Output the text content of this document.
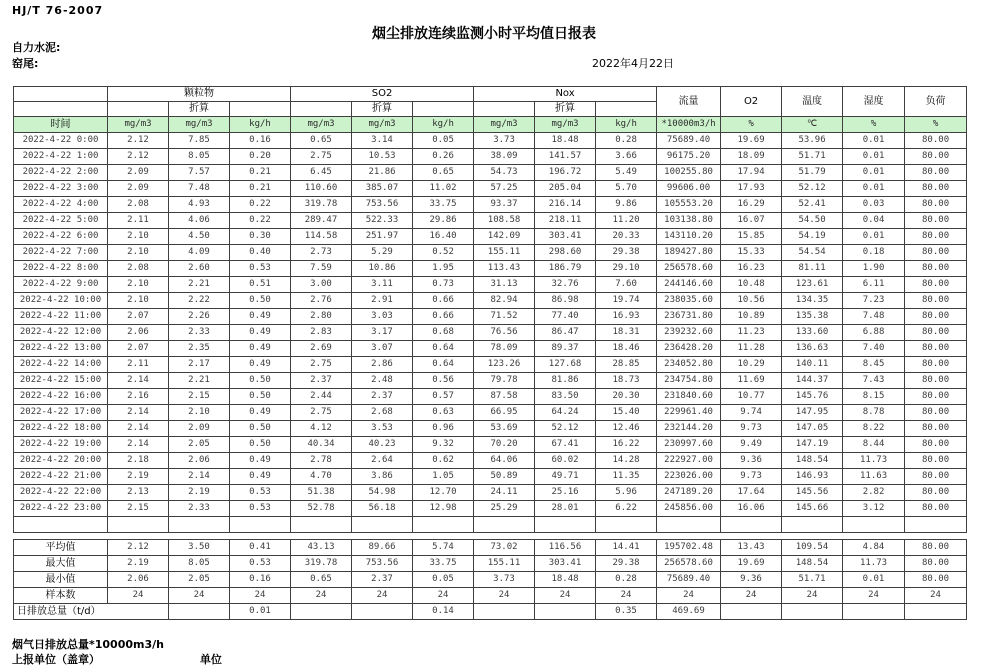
HJ/T 76-2007
烟尘排放连续监测小时平均值日报表
自力水泥:
窑尾:	2022年4月22日
	颗粒物			SO2			Nox			流量	O2	温度	湿度	负荷
		折算			折算			折算						
时间	mg/m3	mg/m3	kg/h	mg/m3	mg/m3	kg/h	mg/m3	mg/m3	kg/h	*10000m3/h	%	℃	%	%
2022-4-22 0:00	2.12	7.85	0.16	0.65	3.14	0.05	3.73	18.48	0.28	75689.40	19.69	53.96	0.01	80.00
2022-4-22 1:00	2.12	8.05	0.20	2.75	10.53	0.26	38.09	141.57	3.66	96175.20	18.09	51.71	0.01	80.00
2022-4-22 2:00	2.09	7.57	0.21	6.45	21.86	0.65	54.73	196.72	5.49	100255.80	17.94	51.79	0.01	80.00
2022-4-22 3:00	2.09	7.48	0.21	110.60	385.07	11.02	57.25	205.04	5.70	99606.00	17.93	52.12	0.01	80.00
2022-4-22 4:00	2.08	4.93	0.22	319.78	753.56	33.75	93.37	216.14	9.86	105553.20	16.29	52.41	0.03	80.00
2022-4-22 5:00	2.11	4.06	0.22	289.47	522.33	29.86	108.58	218.11	11.20	103138.80	16.07	54.50	0.04	80.00
2022-4-22 6:00	2.10	4.50	0.30	114.58	251.97	16.40	142.09	303.41	20.33	143110.20	15.85	54.19	0.01	80.00
2022-4-22 7:00	2.10	4.09	0.40	2.73	5.29	0.52	155.11	298.60	29.38	189427.80	15.33	54.54	0.18	80.00
2022-4-22 8:00	2.08	2.60	0.53	7.59	10.86	1.95	113.43	186.79	29.10	256578.60	16.23	81.11	1.90	80.00
2022-4-22 9:00	2.10	2.21	0.51	3.00	3.11	0.73	31.13	32.76	7.60	244146.60	10.48	123.61	6.11	80.00
2022-4-22 10:00	2.10	2.22	0.50	2.76	2.91	0.66	82.94	86.98	19.74	238035.60	10.56	134.35	7.23	80.00
2022-4-22 11:00	2.07	2.26	0.49	2.80	3.03	0.66	71.52	77.40	16.93	236731.80	10.89	135.38	7.48	80.00
2022-4-22 12:00	2.06	2.33	0.49	2.83	3.17	0.68	76.56	86.47	18.31	239232.60	11.23	133.60	6.88	80.00
2022-4-22 13:00	2.07	2.35	0.49	2.69	3.07	0.64	78.09	89.37	18.46	236428.20	11.28	136.63	7.40	80.00
2022-4-22 14:00	2.11	2.17	0.49	2.75	2.86	0.64	123.26	127.68	28.85	234052.80	10.29	140.11	8.45	80.00
2022-4-22 15:00	2.14	2.21	0.50	2.37	2.48	0.56	79.78	81.86	18.73	234754.80	11.69	144.37	7.43	80.00
2022-4-22 16:00	2.16	2.15	0.50	2.44	2.37	0.57	87.58	83.50	20.30	231840.60	10.77	145.76	8.15	80.00
2022-4-22 17:00	2.14	2.10	0.49	2.75	2.68	0.63	66.95	64.24	15.40	229961.40	9.74	147.95	8.78	80.00
2022-4-22 18:00	2.14	2.09	0.50	4.12	3.53	0.96	53.69	52.12	12.46	232144.20	9.73	147.05	8.22	80.00
2022-4-22 19:00	2.14	2.05	0.50	40.34	40.23	9.32	70.20	67.41	16.22	230997.60	9.49	147.19	8.44	80.00
2022-4-22 20:00	2.18	2.06	0.49	2.78	2.64	0.62	64.06	60.02	14.28	222927.00	9.36	148.54	11.73	80.00
2022-4-22 21:00	2.19	2.14	0.49	4.70	3.86	1.05	50.89	49.71	11.35	223026.00	9.73	146.93	11.63	80.00
2022-4-22 22:00	2.13	2.19	0.53	51.38	54.98	12.70	24.11	25.16	5.96	247189.20	17.64	145.56	2.82	80.00
2022-4-22 23:00	2.15	2.33	0.53	52.78	56.18	12.98	25.29	28.01	6.22	245856.00	16.06	145.66	3.12	80.00

平均值	2.12	3.50	0.41	43.13	89.66	5.74	73.02	116.56	14.41	195702.48	13.43	109.54	4.84	80.00
最大值	2.19	8.05	0.53	319.78	753.56	33.75	155.11	303.41	29.38	256578.60	19.69	148.54	11.73	80.00
最小值	2.06	2.05	0.16	0.65	2.37	0.05	3.73	18.48	0.28	75689.40	9.36	51.71	0.01	80.00
样本数	24	24	24	24	24	24	24	24	24	24	24	24	24	24
日排放总量（t/d）			0.01			0.14			0.35	469.69				
烟气日排放总量*10000m3/h
上报单位（盖章）	单位
